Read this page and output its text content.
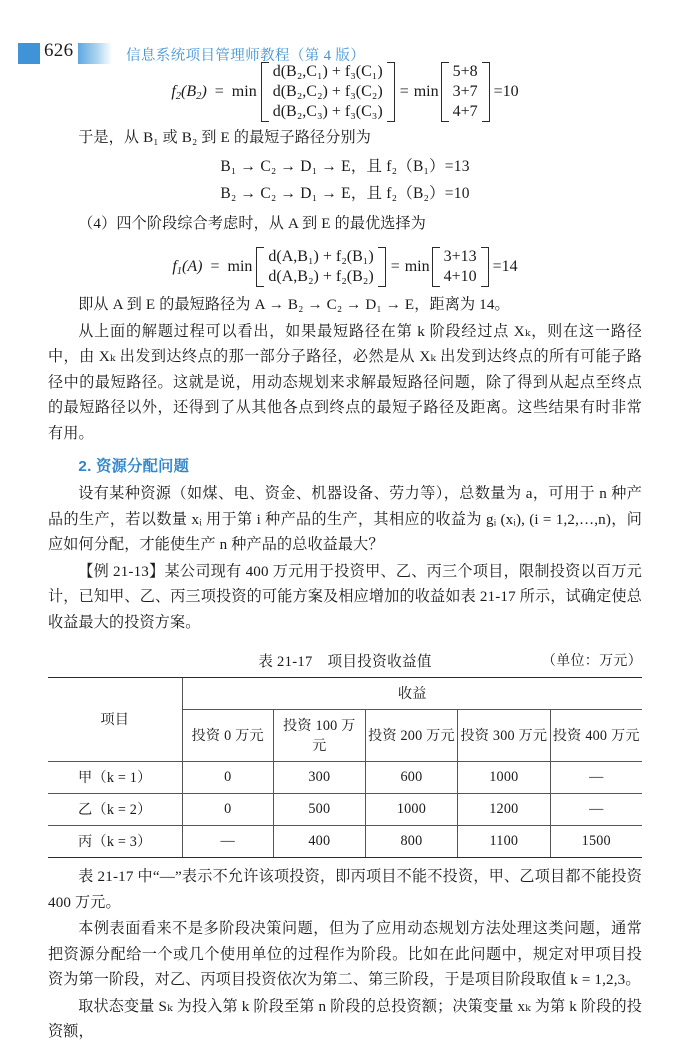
626	信息系统项目管理师教程（第 4 版）
$f_2(B_2) = \min$
d(B₂,C₁) + f₃(C₁)
d(B₂,C₂) + f₃(C₂)
d(B₂,C₃) + f₃(C₃)
= min
5+8
3+7
4+7
=10

于是，从 B₁ 或 B₂ 到 E 的最短子路径分别为

B₁ → C₂ → D₁ → E，且 f₂（B₁）=13
B₂ → C₂ → D₁ → E，且 f₂（B₂）=10

（4）四个阶段综合考虑时，从 A 到 E 的最优选择为

$f_1(A) = \min$
d(A,B₁) + f₂(B₁)
d(A,B₂) + f₂(B₂)
= min
3+13
4+10
=14

即从 A 到 E 的最短路径为 A → B₂ → C₂ → D₁ → E，距离为 14。

从上面的解题过程可以看出，如果最短路径在第 k 阶段经过点 Xₖ，则在这一路径中，由 Xₖ 出发到达终点的那一部分子路径，必然是从 Xₖ 出发到达终点的所有可能子路径中的最短路径。这就是说，用动态规划来求解最短路径问题，除了得到从起点至终点的最短路径以外，还得到了从其他各点到终点的最短子路径及距离。这些结果有时非常有用。

2. 资源分配问题

设有某种资源（如煤、电、资金、机器设备、劳力等），总数量为 a，可用于 n 种产品的生产，若以数量 xᵢ 用于第 i 种产品的生产，其相应的收益为 gᵢ (xᵢ), (i = 1,2,…,n)，问应如何分配，才能使生产 n 种产品的总收益最大？

【例 21-13】某公司现有 400 万元用于投资甲、乙、丙三个项目，限制投资以百万元计，已知甲、乙、丙三项投资的可能方案及相应增加的收益如表 21-17 所示，试确定使总收益最大的投资方案。

表 21-17　项目投资收益值	（单位：万元）
项目	收益				
	投资 0 万元	投资 100 万元	投资 200 万元	投资 300 万元	投资 400 万元
甲（k = 1）	0	300	600	1000	—
乙（k = 2）	0	500	1000	1200	—
丙（k = 3）	—	400	800	1100	1500

表 21-17 中“—”表示不允许该项投资，即丙项目不能不投资，甲、乙项目都不能投资 400 万元。

本例表面看来不是多阶段决策问题，但为了应用动态规划方法处理这类问题，通常把资源分配给一个或几个使用单位的过程作为阶段。比如在此问题中，规定对甲项目投资为第一阶段，对乙、丙项目投资依次为第二、第三阶段，于是项目阶段取值 k = 1,2,3。

取状态变量 Sₖ 为投入第 k 阶段至第 n 阶段的总投资额；决策变量 xₖ 为第 k 阶段的投资额，
